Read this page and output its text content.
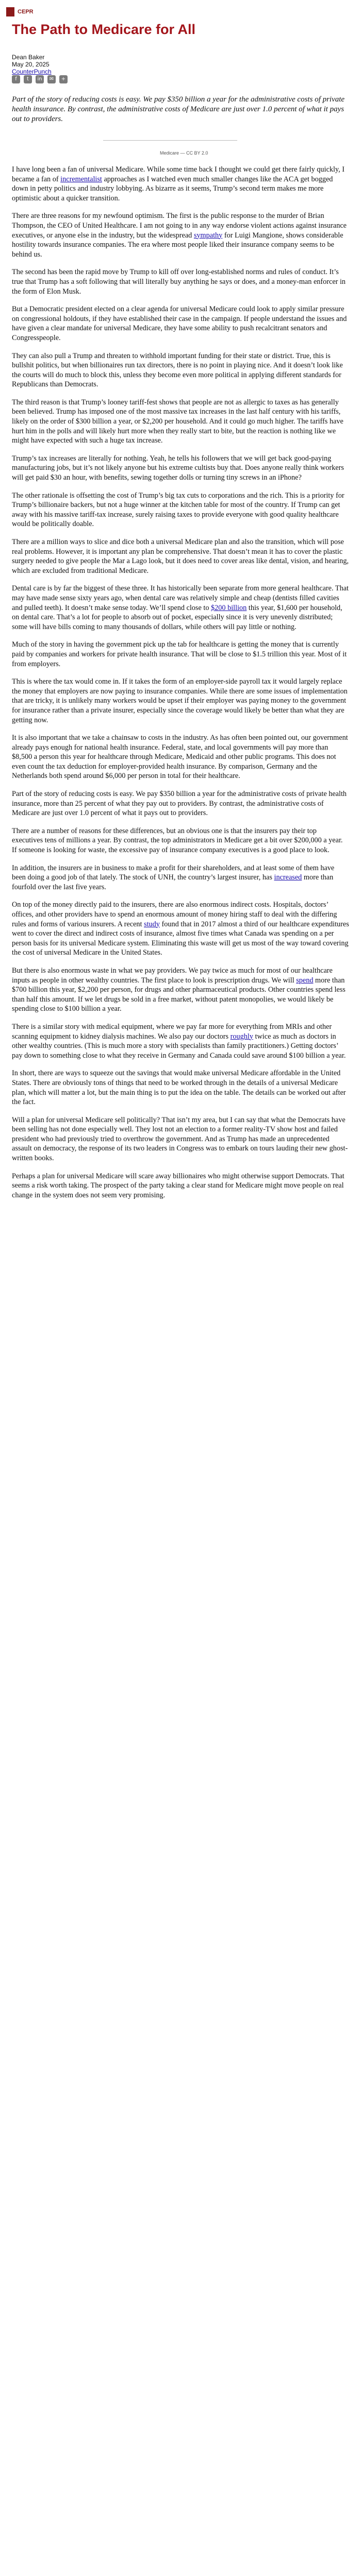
CEPR
The Path to Medicare for All
Dean Baker
May 20, 2025
CounterPunch
f	t	in	✉	+
Part of the story of reducing costs is easy. We pay $350 billion a year for the administrative costs of private health insurance. By contrast, the administrative costs of Medicare are just over 1.0 percent of what it pays out to providers.
Medicare — CC BY 2.0

I have long been a fan of universal Medicare. While some time back I thought we could get there fairly quickly, I became a fan of incrementalist approaches as I watched even much smaller changes like the ACA get bogged down in petty politics and industry lobbying. As bizarre as it seems, Trump’s second term makes me more optimistic about a quicker transition.

There are three reasons for my newfound optimism. The first is the public response to the murder of Brian Thompson, the CEO of United Healthcare. I am not going to in any way endorse violent actions against insurance executives, or anyone else in the industry, but the widespread sympathy for Luigi Mangione, shows considerable hostility towards insurance companies. The era where most people liked their insurance company seems to be behind us.

The second has been the rapid move by Trump to kill off over long-established norms and rules of conduct. It’s true that Trump has a soft following that will literally buy anything he says or does, and a money-man enforcer in the form of Elon Musk.

But a Democratic president elected on a clear agenda for universal Medicare could look to apply similar pressure on congressional holdouts, if they have established their case in the campaign. If people understand the issues and have given a clear mandate for universal Medicare, they have some ability to push recalcitrant senators and Congresspeople.

They can also pull a Trump and threaten to withhold important funding for their state or district. True, this is bullshit politics, but when billionaires run tax directors, there is no point in playing nice. And it doesn’t look like the courts will do much to block this, unless they become even more political in applying different standards for Republicans than Democrats.

The third reason is that Trump’s looney tariff-fest shows that people are not as allergic to taxes as has generally been believed. Trump has imposed one of the most massive tax increases in the last half century with his tariffs, likely on the order of $300 billion a year, or $2,200 per household. And it could go much higher. The tariffs have hurt him in the polls and will likely hurt more when they really start to bite, but the reaction is nothing like we might have expected with such a huge tax increase.

Trump’s tax increases are literally for nothing. Yeah, he tells his followers that we will get back good-paying manufacturing jobs, but it’s not likely anyone but his extreme cultists buy that. Does anyone really think workers will get paid $30 an hour, with benefits, sewing together dolls or turning tiny screws in an iPhone?

The other rationale is offsetting the cost of Trump’s big tax cuts to corporations and the rich. This is a priority for Trump’s billionaire backers, but not a huge winner at the kitchen table for most of the country. If Trump can get away with his massive tariff-tax increase, surely raising taxes to provide everyone with good quality healthcare would be politically doable.

There are a million ways to slice and dice both a universal Medicare plan and also the transition, which will pose real problems. However, it is important any plan be comprehensive. That doesn’t mean it has to cover the plastic surgery needed to give people the Mar a Lago look, but it does need to cover areas like dental, vision, and hearing, which are excluded from traditional Medicare.

Dental care is by far the biggest of these three. It has historically been separate from more general healthcare. That may have made sense sixty years ago, when dental care was relatively simple and cheap (dentists filled cavities and pulled teeth). It doesn’t make sense today. We’ll spend close to $200 billion this year, $1,600 per household, on dental care. That’s a lot for people to absorb out of pocket, especially since it is very unevenly distributed; some will have bills coming to many thousands of dollars, while others will pay little or nothing.

Much of the story in having the government pick up the tab for healthcare is getting the money that is currently paid by companies and workers for private health insurance. That will be close to $1.5 trillion this year. Most of it from employers.

This is where the tax would come in. If it takes the form of an employer-side payroll tax it would largely replace the money that employers are now paying to insurance companies. While there are some issues of implementation that are tricky, it is unlikely many workers would be upset if their employer was paying money to the government for insurance rather than a private insurer, especially since the coverage would likely be better than what they are getting now.

It is also important that we take a chainsaw to costs in the industry. As has often been pointed out, our government already pays enough for national health insurance. Federal, state, and local governments will pay more than $8,500 a person this year for healthcare through Medicare, Medicaid and other public programs. This does not even count the tax deduction for employer-provided health insurance. By comparison, Germany and the Netherlands both spend around $6,000 per person in total for their healthcare.

Part of the story of reducing costs is easy. We pay $350 billion a year for the administrative costs of private health insurance, more than 25 percent of what they pay out to providers. By contrast, the administrative costs of Medicare are just over 1.0 percent of what it pays out to providers.

There are a number of reasons for these differences, but an obvious one is that the insurers pay their top executives tens of millions a year. By contrast, the top administrators in Medicare get a bit over $200,000 a year. If someone is looking for waste, the excessive pay of insurance company executives is a good place to look.

In addition, the insurers are in business to make a profit for their shareholders, and at least some of them have been doing a good job of that lately. The stock of UNH, the country’s largest insurer, has increased more than fourfold over the last five years.

On top of the money directly paid to the insurers, there are also enormous indirect costs. Hospitals, doctors’ offices, and other providers have to spend an enormous amount of money hiring staff to deal with the differing rules and forms of various insurers. A recent study found that in 2017 almost a third of our healthcare expenditures went to cover the direct and indirect costs of insurance, almost five times what Canada was spending on a per person basis for its universal Medicare system. Eliminating this waste will get us most of the way toward covering the cost of universal Medicare in the United States.

But there is also enormous waste in what we pay providers. We pay twice as much for most of our healthcare inputs as people in other wealthy countries. The first place to look is prescription drugs. We will spend more than $700 billion this year, $2,200 per person, for drugs and other pharmaceutical products. Other countries spend less than half this amount. If we let drugs be sold in a free market, without patent monopolies, we would likely be spending close to $100 billion a year.

There is a similar story with medical equipment, where we pay far more for everything from MRIs and other scanning equipment to kidney dialysis machines. We also pay our doctors roughly twice as much as doctors in other wealthy countries. (This is much more a story with specialists than family practitioners.) Getting doctors’ pay down to something close to what they receive in Germany and Canada could save around $100 billion a year.

In short, there are ways to squeeze out the savings that would make universal Medicare affordable in the United States. There are obviously tons of things that need to be worked through in the details of a universal Medicare plan, which will matter a lot, but the main thing is to put the idea on the table. The details can be worked out after the fact.

Will a plan for universal Medicare sell politically? That isn’t my area, but I can say that what the Democrats have been selling has not done especially well. They lost not an election to a former reality-TV show host and failed president who had previously tried to overthrow the government. And as Trump has made an unprecedented assault on democracy, the response of its two leaders in Congress was to embark on tours lauding their new ghost-written books.

Perhaps a plan for universal Medicare will scare away billionaires who might otherwise support Democrats. That seems a risk worth taking. The prospect of the party taking a clear stand for Medicare might move people on real change in the system does not seem very promising.
